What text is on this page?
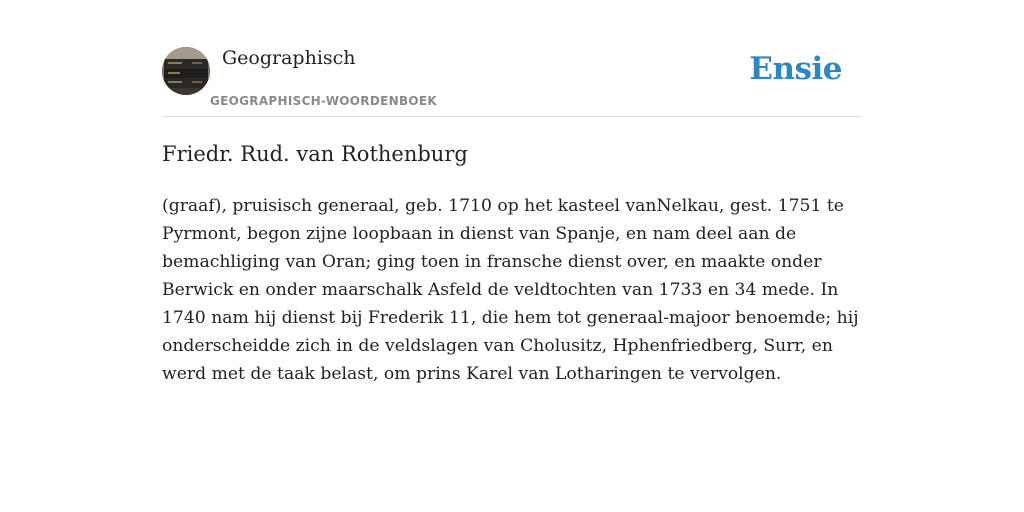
Geographisch
GEOGRAPHISCH-WOORDENBOEK
Ensie
Friedr. Rud. van Rothenburg

(graaf), pruisisch generaal, geb. 1710 op het kasteel vanNelkau, gest. 1751 te Pyrmont, begon zijne loopbaan in dienst van Spanje, en nam deel aan de bemachliging van Oran; ging toen in fransche dienst over, en maakte onder Berwick en onder maarschalk Asfeld de veldtochten van 1733 en 34 mede. In 1740 nam hij dienst bij Frederik 11, die hem tot generaal-majoor benoemde; hij onderscheidde zich in de veldslagen van Cholusitz, Hphenfriedberg, Surr, en werd met de taak belast, om prins Karel van Lotharingen te vervolgen.
